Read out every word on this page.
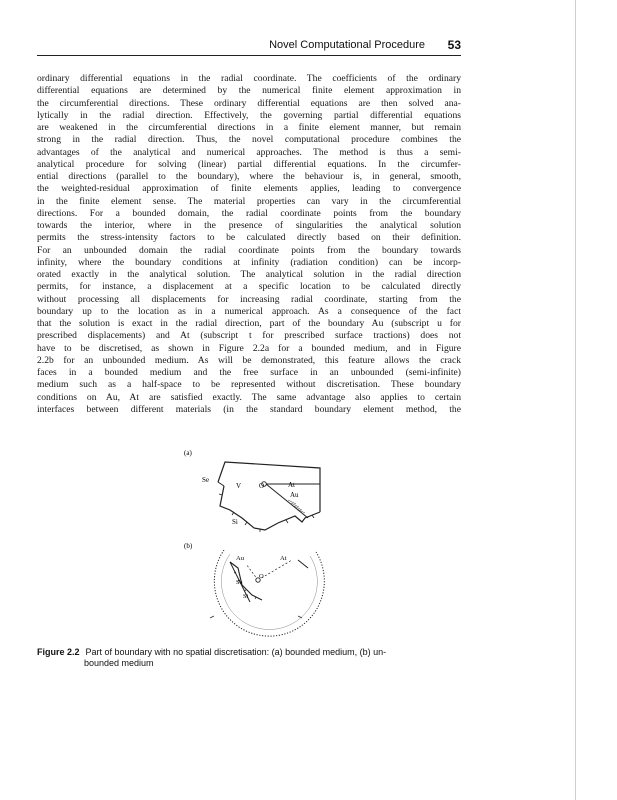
Novel Computational Procedure 53
ordinary differential equations in the radial coordinate. The coefficients of the ordinary
differential equations are determined by the numerical finite element approximation in
the circumferential directions. These ordinary differential equations are then solved ana-
lytically in the radial direction. Effectively, the governing partial differential equations
are weakened in the circumferential directions in a finite element manner, but remain
strong in the radial direction. Thus, the novel computational procedure combines the
advantages of the analytical and numerical approaches. The method is thus a semi-
analytical procedure for solving (linear) partial differential equations. In the circumfer-
ential directions (parallel to the boundary), where the behaviour is, in general, smooth,
the weighted-residual approximation of finite elements applies, leading to convergence
in the finite element sense. The material properties can vary in the circumferential
directions. For a bounded domain, the radial coordinate points from the boundary
towards the interior, where in the presence of singularities the analytical solution
permits the stress-intensity factors to be calculated directly based on their definition.
For an unbounded domain the radial coordinate points from the boundary towards
infinity, where the boundary conditions at infinity (radiation condition) can be incorp-
orated exactly in the analytical solution. The analytical solution in the radial direction
permits, for instance, a displacement at a specific location to be calculated directly
without processing all displacements for increasing radial coordinate, starting from the
boundary up to the location as in a numerical approach. As a consequence of the fact
that the solution is exact in the radial direction, part of the boundary Au (subscript u for
prescribed displacements) and At (subscript t for prescribed surface tractions) does not
have to be discretised, as shown in Figure 2.2a for a bounded medium, and in Figure
2.2b for an unbounded medium. As will be demonstrated, this feature allows the crack
faces in a bounded medium and the free surface in an unbounded (semi-infinite)
medium such as a half-space to be represented without discretisation. These boundary
conditions on Au, At are satisfied exactly. The same advantage also applies to certain
interfaces between different materials (in the standard boundary element method, the
(a)
Se
V	O	At
Au
Si
(b)
Au	At
Se
O
Si
Figure 2.2 Part of boundary with no spatial discretisation: (a) bounded medium, (b) un-
bounded medium
